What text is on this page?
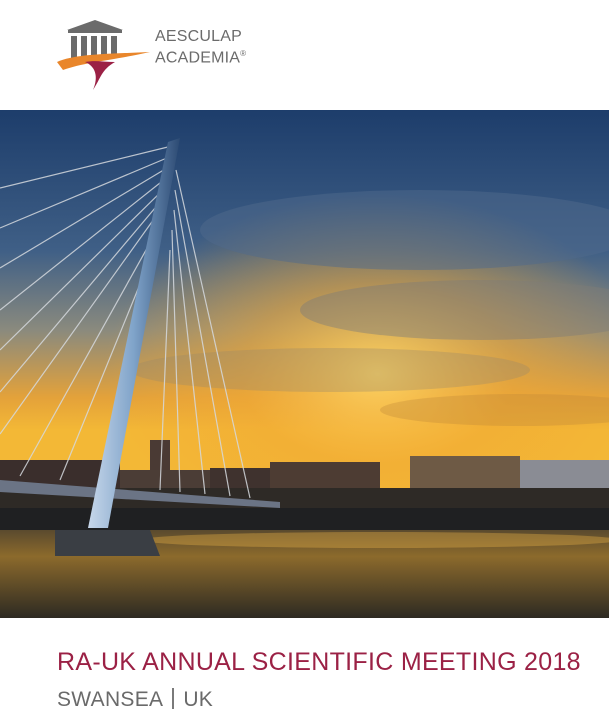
AESCULAP
ACADEMIA®
RA-UK ANNUAL SCIENTIFIC MEETING 2018
SWANSEA UK
